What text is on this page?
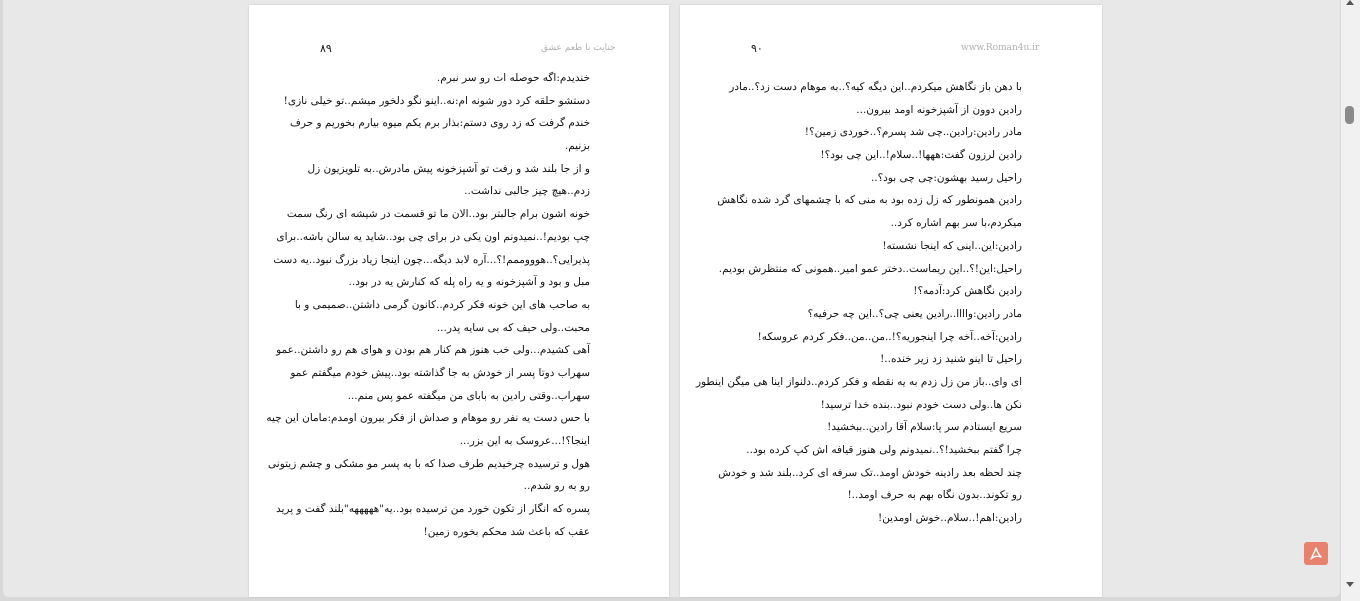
جنایت با طعم عشق
۸۹
خندیدم:اگه حوصله ات رو سر نبرم.
دستشو حلقه کرد دور شونه ام:نه..اینو نگو دلخور میشم..تو خیلی نازی!
خندم گرفت که زد روی دستم:بذار برم یکم میوه بیارم بخوریم و حرف
بزنیم.
و از جا بلند شد و رفت تو آشپزخونه پیش مادرش..به تلویزیون زل
زدم..هیچ چیز جالبی نداشت..
خونه اشون برام جالبتر بود..الان ما تو قسمت در شیشه ای رنگ سمت
چپ بودیم!..نمیدونم اون یکی در برای چی بود..شاید یه سالن باشه..برای
پذیرایی؟..هوووممم!؟...آره لابد دیگه...چون اینجا زیاد بزرگ نبود..یه دست
مبل و بود و آشپزخونه و یه راه پله که کنارش یه در بود..
به صاحب های این خونه فکر کردم..کانون گرمی داشتن..صمیمی و با
محبت..ولی حیف که بی سایه پدر...
آهی کشیدم...ولی خب هنوز هم کنار هم بودن و هوای هم رو داشتن..عمو
سهراب دوتا پسر از خودش به جا گذاشته بود..پیش خودم میگفتم عمو
سهراب..وقتی رادین به بابای من میگفته عمو پس منم...
با حس دست یه نفر رو موهام و صداش از فکر بیرون اومدم:مامان این چیه
اینجا؟!...عروسک به این بزر...
هول و ترسیده چرخیدیم طرف صدا که با یه پسر مو مشکی و چشم زیتونی
رو به رو شدم..
پسره که انگار از تکون خورد من ترسیده بود..یه"هههههه"بلند گفت و پرید
عقب که باعث شد محکم بخوره زمین!
www.Roman4u.ir
۹۰
با دهن باز نگاهش میکردم..این دیگه کیه؟..به موهام دست زد؟..مادر
رادین دوون از آشپزخونه اومد بیرون...
مادر رادین:رادین..چی شد پسرم؟..خوردی زمین؟!
رادین لرزون گفت:ههها!..سلام!..این چی بود؟!
راحیل رسید بهشون:چی چی بود؟..
رادین همونطور که زل زده بود به منی که با چشمهای گرد شده نگاهش
میکردم،با سر بهم اشاره کرد..
رادین:این..اینی که اینجا نشسته!
راحیل:این!؟..این ریماست..دختر عمو امیر..همونی که منتظرش بودیم.
رادین نگاهش کرد:آدمه؟!
مادر رادین:واااا..رادین یعنی چی؟..این چه حرفیه؟
رادین:آخه..آخه چرا اینجوریه؟!..من..من..فکر کردم عروسکه!
راحیل تا اینو شنید زد زیر خنده..!
ای وای..باز من زل زدم به یه نقطه و فکر کردم..دلنواز اینا هی میگن اینطور
نکن ها..ولی دست خودم نبود..بنده خدا ترسید!
سریع ایستادم سر پا:سلام آقا رادین..ببخشید!
چرا گفتم ببخشید!؟..نمیدونم ولی هنوز قیافه اش کپ کرده بود..
چند لحظه بعد رادینه خودش اومد..تک سرفه ای کرد..بلند شد و خودش
رو تکوند..بدون نگاه بهم به حرف اومد..!
رادین:اهم!..سلام..خوش اومدین!
